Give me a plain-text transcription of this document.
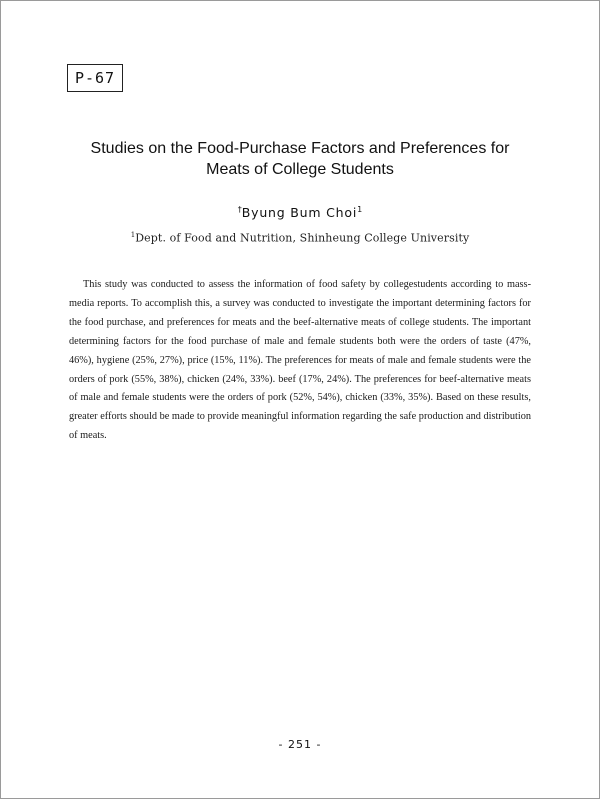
P-67
Studies on the Food-Purchase Factors and Preferences for
Meats of College Students
†Byung Bum Choi$^1$
$^1$Dept. of Food and Nutrition, Shinheung College University

This study was conducted to assess the information of food safety by collegestudents according to mass-media reports. To accomplish this, a survey was conducted to investigate the important determining factors for the food purchase, and preferences for meats and the beef-alternative meats of college students. The important determining factors for the food purchase of male and female students both were the orders of taste (47%, 46%), hygiene (25%, 27%), price (15%, 11%). The preferences for meats of male and female students were the orders of pork (55%, 38%), chicken (24%, 33%). beef (17%, 24%). The preferences for beef-alternative meats of male and female students were the orders of pork (52%, 54%), chicken (33%, 35%). Based on these results, greater efforts should be made to provide meaningful information regarding the safe production and distribution of meats.

- 251 -
